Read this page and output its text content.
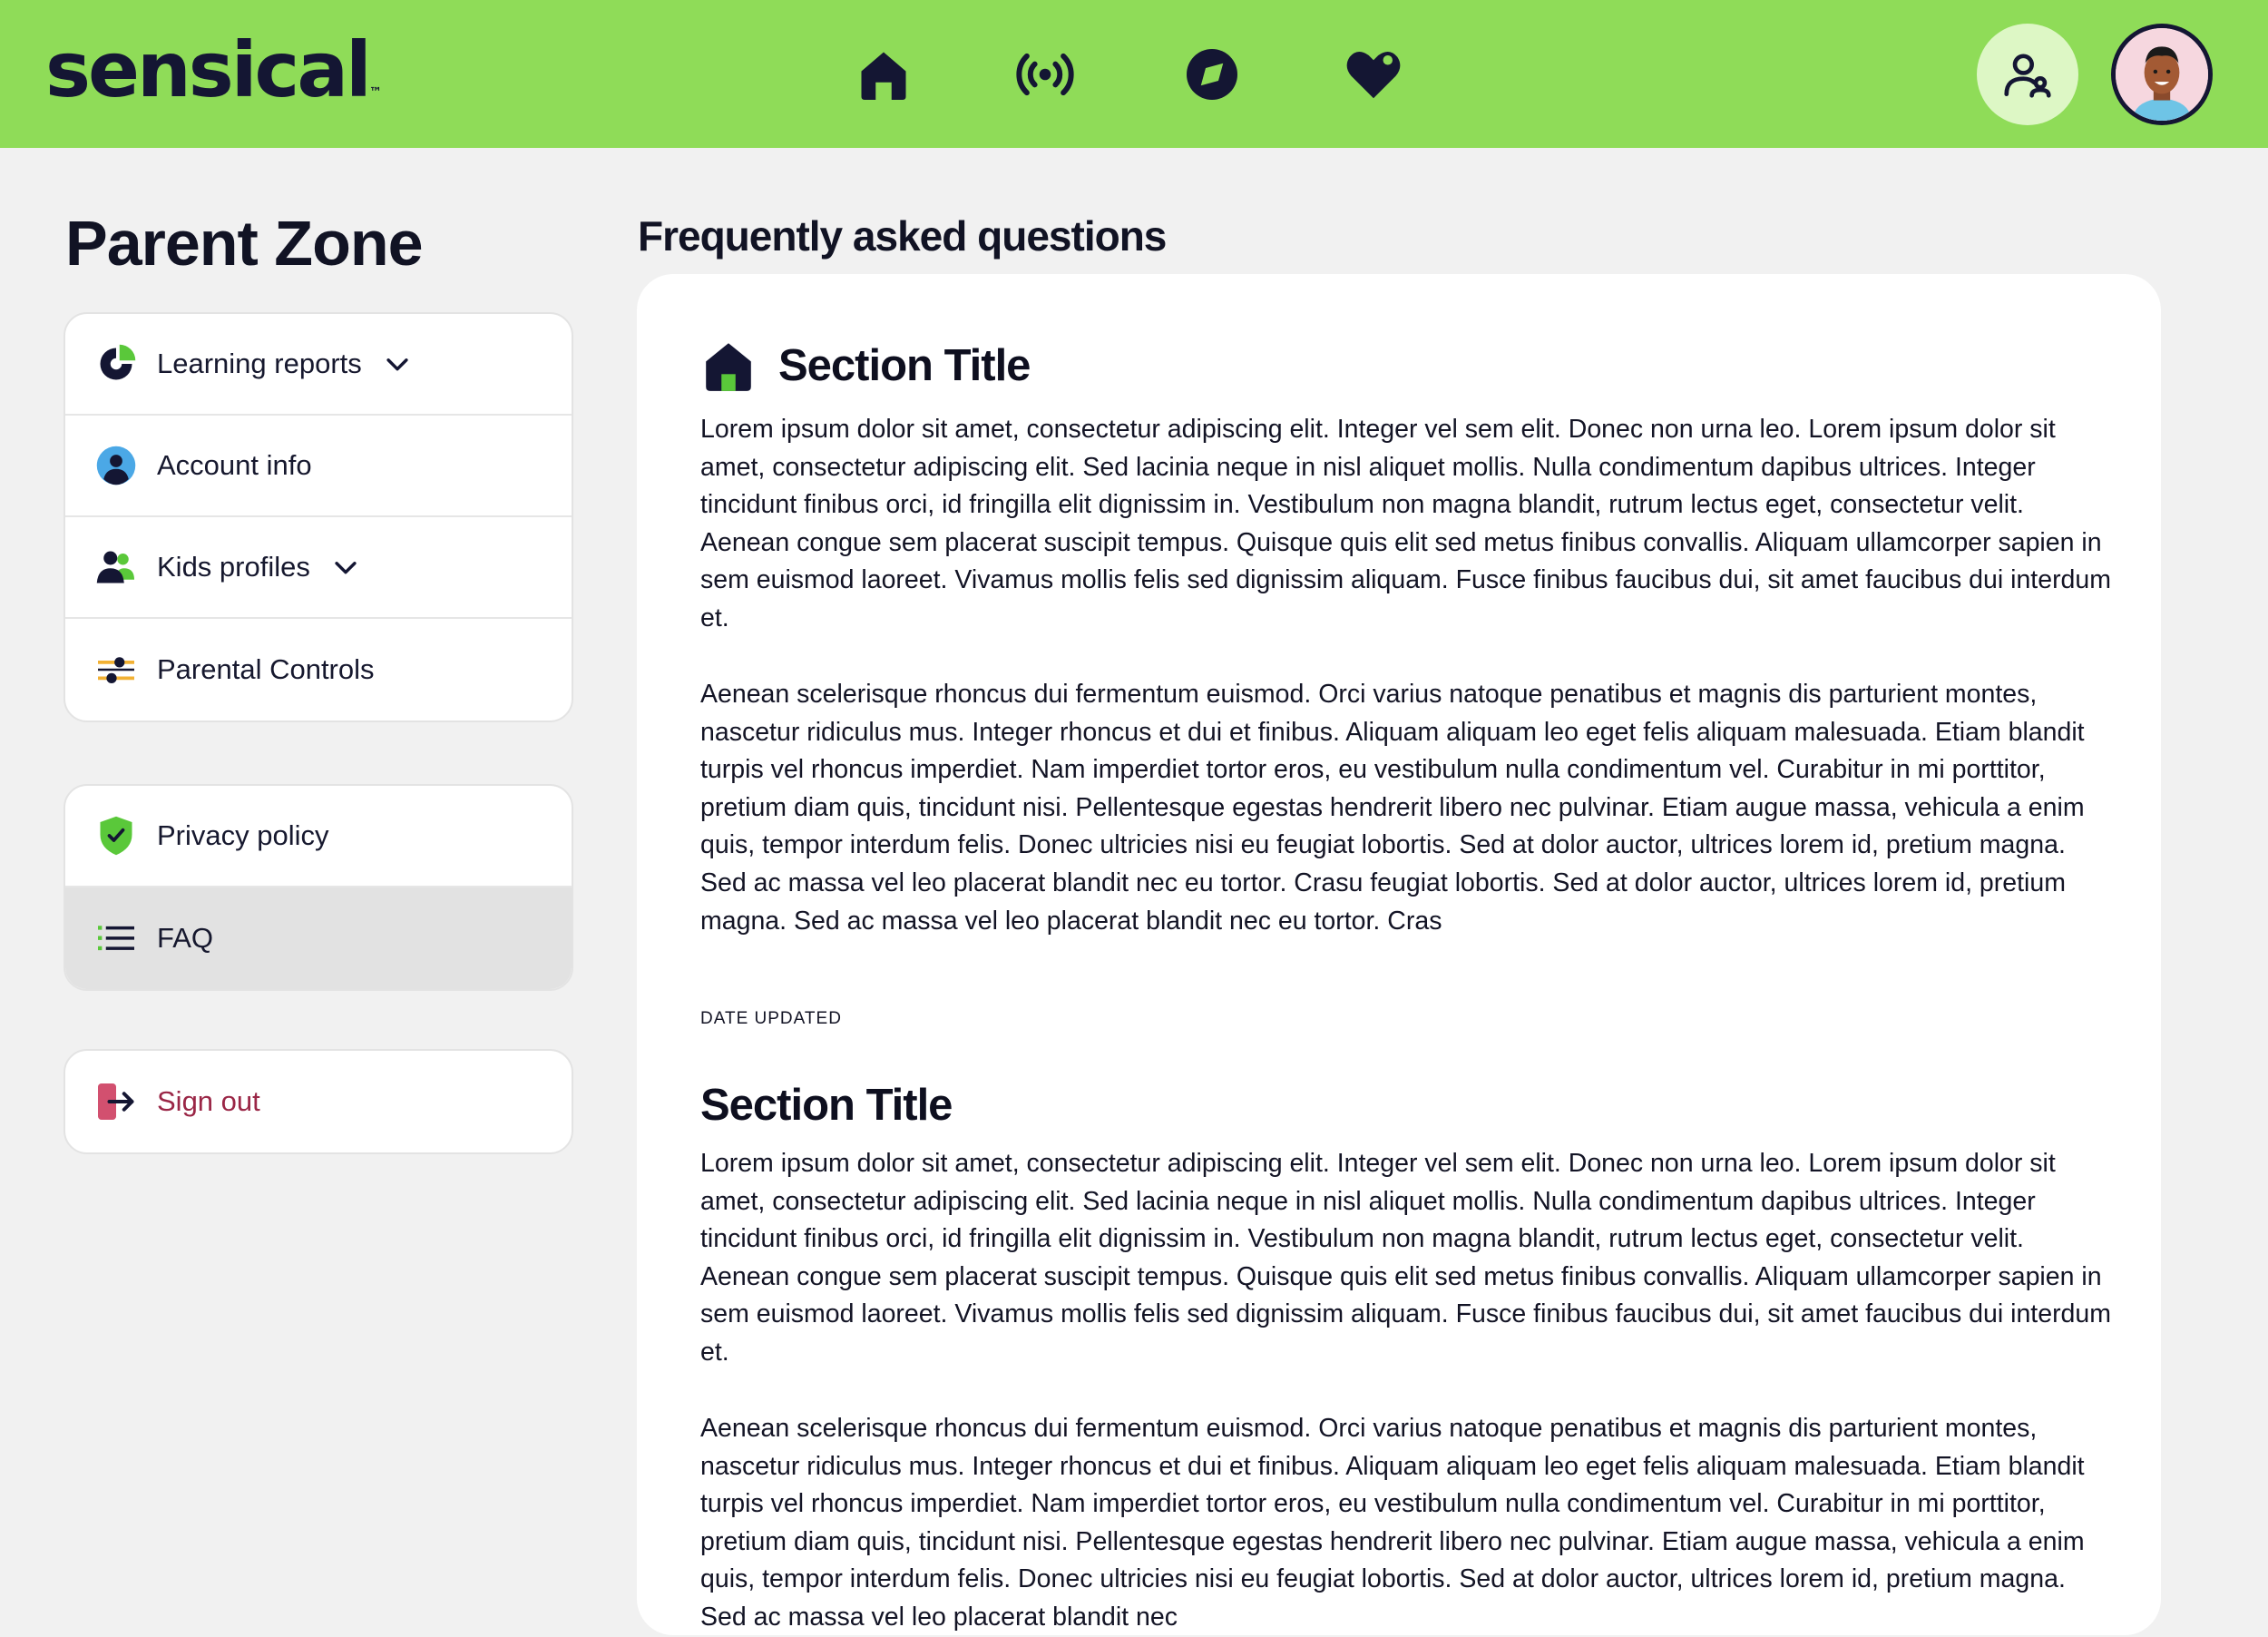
sensical™
Parent Zone
Learning reports
Account info
Kids profiles
Parental Controls
Privacy policy
FAQ
Sign out
Frequently asked questions
Section Title
Lorem ipsum dolor sit amet, consectetur adipiscing elit. Integer vel sem elit. Donec non urna leo. Lorem ipsum dolor sit amet, consectetur adipiscing elit. Sed lacinia neque in nisl aliquet mollis. Nulla condimentum dapibus ultrices. Integer tincidunt finibus orci, id fringilla elit dignissim in. Vestibulum non magna blandit, rutrum lectus eget, consectetur velit. Aenean congue sem placerat suscipit tempus. Quisque quis elit sed metus finibus convallis. Aliquam ullamcorper sapien in sem euismod laoreet. Vivamus mollis felis sed dignissim aliquam. Fusce finibus faucibus dui, sit amet faucibus dui interdum et.
Aenean scelerisque rhoncus dui fermentum euismod. Orci varius natoque penatibus et magnis dis parturient montes, nascetur ridiculus mus. Integer rhoncus et dui et finibus. Aliquam aliquam leo eget felis aliquam malesuada. Etiam blandit turpis vel rhoncus imperdiet. Nam imperdiet tortor eros, eu vestibulum nulla condimentum vel. Curabitur in mi porttitor, pretium diam quis, tincidunt nisi. Pellentesque egestas hendrerit libero nec pulvinar. Etiam augue massa, vehicula a enim quis, tempor interdum felis. Donec ultricies nisi eu feugiat lobortis. Sed at dolor auctor, ultrices lorem id, pretium magna. Sed ac massa vel leo placerat blandit nec eu tortor. Crasu feugiat lobortis. Sed at dolor auctor, ultrices lorem id, pretium magna. Sed ac massa vel leo placerat blandit nec eu tortor. Cras
DATE UPDATED
Section Title
Lorem ipsum dolor sit amet, consectetur adipiscing elit. Integer vel sem elit. Donec non urna leo. Lorem ipsum dolor sit amet, consectetur adipiscing elit. Sed lacinia neque in nisl aliquet mollis. Nulla condimentum dapibus ultrices. Integer tincidunt finibus orci, id fringilla elit dignissim in. Vestibulum non magna blandit, rutrum lectus eget, consectetur velit. Aenean congue sem placerat suscipit tempus. Quisque quis elit sed metus finibus convallis. Aliquam ullamcorper sapien in sem euismod laoreet. Vivamus mollis felis sed dignissim aliquam. Fusce finibus faucibus dui, sit amet faucibus dui interdum et.
Aenean scelerisque rhoncus dui fermentum euismod. Orci varius natoque penatibus et magnis dis parturient montes, nascetur ridiculus mus. Integer rhoncus et dui et finibus. Aliquam aliquam leo eget felis aliquam malesuada. Etiam blandit turpis vel rhoncus imperdiet. Nam imperdiet tortor eros, eu vestibulum nulla condimentum vel. Curabitur in mi porttitor, pretium diam quis, tincidunt nisi. Pellentesque egestas hendrerit libero nec pulvinar. Etiam augue massa, vehicula a enim quis, tempor interdum felis. Donec ultricies nisi eu feugiat lobortis. Sed at dolor auctor, ultrices lorem id, pretium magna. Sed ac massa vel leo placerat blandit nec
